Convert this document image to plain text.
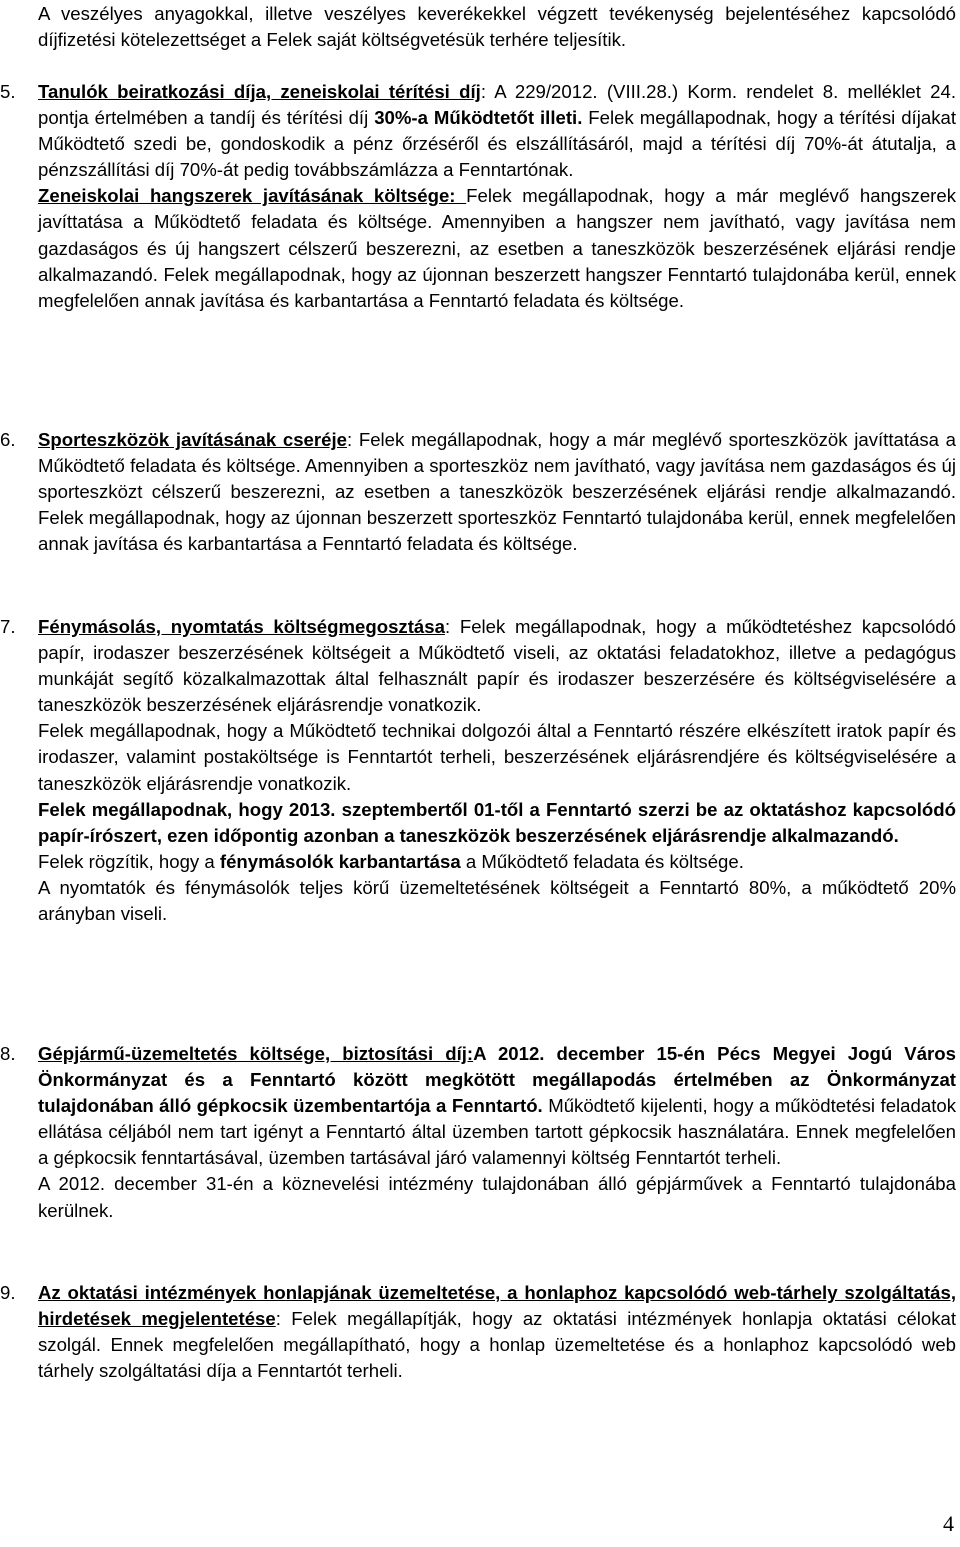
A veszélyes anyagokkal, illetve veszélyes keverékekkel végzett tevékenység bejelentéséhez kapcsolódó díjfizetési kötelezettséget a Felek saját költségvetésük terhére teljesítik.

5. Tanulók beiratkozási díja, zeneiskolai térítési díj: A 229/2012. (VIII.28.) Korm. rendelet 8. melléklet 24. pontja értelmében a tandíj és térítési díj 30%-a Működtetőt illeti. Felek megállapodnak, hogy a térítési díjakat Működtető szedi be, gondoskodik a pénz őrzéséről és elszállításáról, majd a térítési díj 70%-át átutalja, a pénzszállítási díj 70%-át pedig továbbszámlázza a Fenntartónak.

Zeneiskolai hangszerek javításának költsége: Felek megállapodnak, hogy a már meglévő hangszerek javíttatása a Működtető feladata és költsége. Amennyiben a hangszer nem javítható, vagy javítása nem gazdaságos és új hangszert célszerű beszerezni, az esetben a taneszközök beszerzésének eljárási rendje alkalmazandó. Felek megállapodnak, hogy az újonnan beszerzett hangszer Fenntartó tulajdonába kerül, ennek megfelelően annak javítása és karbantartása a Fenntartó feladata és költsége.

6. Sporteszközök javításának cseréje: Felek megállapodnak, hogy a már meglévő sporteszközök javíttatása a Működtető feladata és költsége. Amennyiben a sporteszköz nem javítható, vagy javítása nem gazdaságos és új sporteszközt célszerű beszerezni, az esetben a taneszközök beszerzésének eljárási rendje alkalmazandó. Felek megállapodnak, hogy az újonnan beszerzett sporteszköz Fenntartó tulajdonába kerül, ennek megfelelően annak javítása és karbantartása a Fenntartó feladata és költsége.

7. Fénymásolás, nyomtatás költségmegosztása: Felek megállapodnak, hogy a működtetéshez kapcsolódó papír, irodaszer beszerzésének költségeit a Működtető viseli, az oktatási feladatokhoz, illetve a pedagógus munkáját segítő közalkalmazottak által felhasznált papír és irodaszer beszerzésére és költségviselésére a taneszközök beszerzésének eljárásrendje vonatkozik.

Felek megállapodnak, hogy a Működtető technikai dolgozói által a Fenntartó részére elkészített iratok papír és irodaszer, valamint postaköltsége is Fenntartót terheli, beszerzésének eljárásrendjére és költségviselésére a taneszközök eljárásrendje vonatkozik.

Felek megállapodnak, hogy 2013. szeptembertől 01-től a Fenntartó szerzi be az oktatáshoz kapcsolódó papír-írószert, ezen időpontig azonban a taneszközök beszerzésének eljárásrendje alkalmazandó.

Felek rögzítik, hogy a fénymásolók karbantartása a Működtető feladata és költsége.

A nyomtatók és fénymásolók teljes körű üzemeltetésének költségeit a Fenntartó 80%, a működtető 20% arányban viseli.

8. Gépjármű-üzemeltetés költsége, biztosítási díj:A 2012. december 15-én Pécs Megyei Jogú Város Önkormányzat és a Fenntartó között megkötött megállapodás értelmében az Önkormányzat tulajdonában álló gépkocsik üzembentartója a Fenntartó. Működtető kijelenti, hogy a működtetési feladatok ellátása céljából nem tart igényt a Fenntartó által üzemben tartott gépkocsik használatára. Ennek megfelelően a gépkocsik fenntartásával, üzemben tartásával járó valamennyi költség Fenntartót terheli.

A 2012. december 31-én a köznevelési intézmény tulajdonában álló gépjárművek a Fenntartó tulajdonába kerülnek.

9. Az oktatási intézmények honlapjának üzemeltetése, a honlaphoz kapcsolódó web-tárhely szolgáltatás, hirdetések megjelentetése: Felek megállapítják, hogy az oktatási intézmények honlapja oktatási célokat szolgál. Ennek megfelelően megállapítható, hogy a honlap üzemeltetése és a honlaphoz kapcsolódó web tárhely szolgáltatási díja a Fenntartót terheli.

4
